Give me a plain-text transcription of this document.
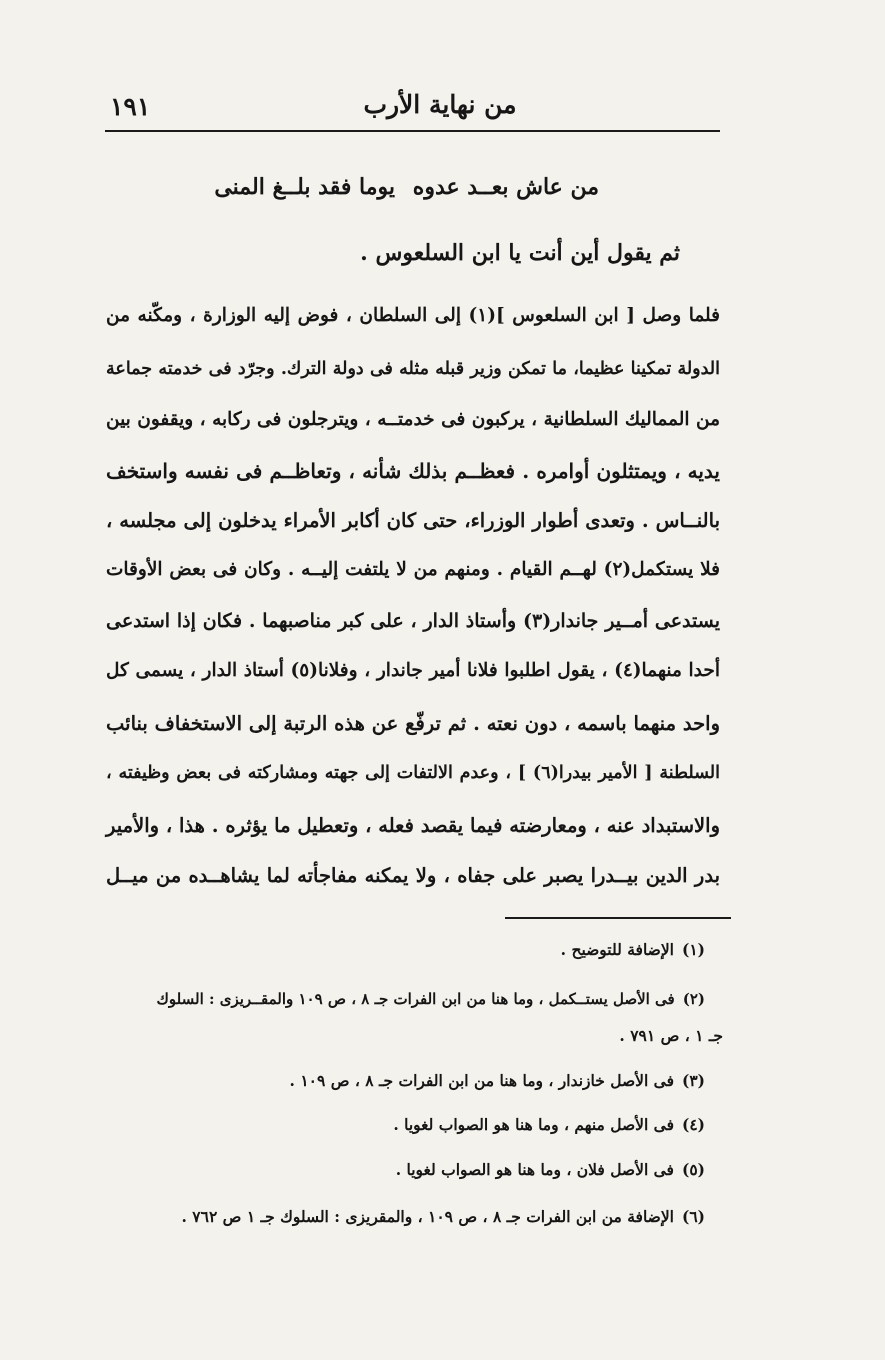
١٩١	من نهاية الأرب
من عاش بعــد عدوه
يوما فقد بلــغ المنى
ثم يقول أين أنت يا ابن السلعوس .
فلما وصل [ ابن السلعوس ](١) إلى السلطان ، فوض إليه الوزارة ، ومكّنه من
الدولة تمكينا عظيما، ما تمكن وزير قبله مثله فى دولة الترك. وجرّد فى خدمته جماعة
من المماليك السلطانية ، يركبون فى خدمتــه ، ويترجلون فى ركابه ، ويقفون بين
يديه ، ويمتثلون أوامره . فعظــم بذلك شأنه ، وتعاظــم فى نفسه واستخف
بالنــاس . وتعدى أطوار الوزراء، حتى كان أكابر الأمراء يدخلون إلى مجلسه ،
فلا يستكمل(٢) لهــم القيام . ومنهم من لا يلتفت إليــه . وكان فى بعض الأوقات
يستدعى أمــير جاندار(٣) وأستاذ الدار ، على كبر مناصبهما . فكان إذا استدعى
أحدا منهما(٤) ، يقول اطلبوا فلانا أمير جاندار ، وفلانا(٥) أستاذ الدار ، يسمى كل
واحد منهما باسمه ، دون نعته . ثم ترفّع عن هذه الرتبة إلى الاستخفاف بنائب
السلطنة [ الأمير بيدرا(٦) ] ، وعدم الالتفات إلى جهته ومشاركته فى بعض وظيفته ،
والاستبداد عنه ، ومعارضته فيما يقصد فعله ، وتعطيل ما يؤثره . هذا ، والأمير
بدر الدين بيــدرا يصبر على جفاه ، ولا يمكنه مفاجأته لما يشاهــده من ميــل
(١)الإضافة للتوضيح .
(٢)فى الأصل يستــكمل ، وما هنا من ابن الفرات جـ ٨ ، ص ١٠٩ والمقــريزى : السلوك
جـ ١ ، ص ٧٩١ .
(٣)فى الأصل خازندار ، وما هنا من ابن الفرات جـ ٨ ، ص ١٠٩ .
(٤)فى الأصل منهم ، وما هنا هو الصواب لغويا .
(٥)فى الأصل فلان ، وما هنا هو الصواب لغويا .
(٦)الإضافة من ابن الفرات جـ ٨ ، ص ١٠٩ ، والمقريزى : السلوك جـ ١ ص ٧٦٢ .
